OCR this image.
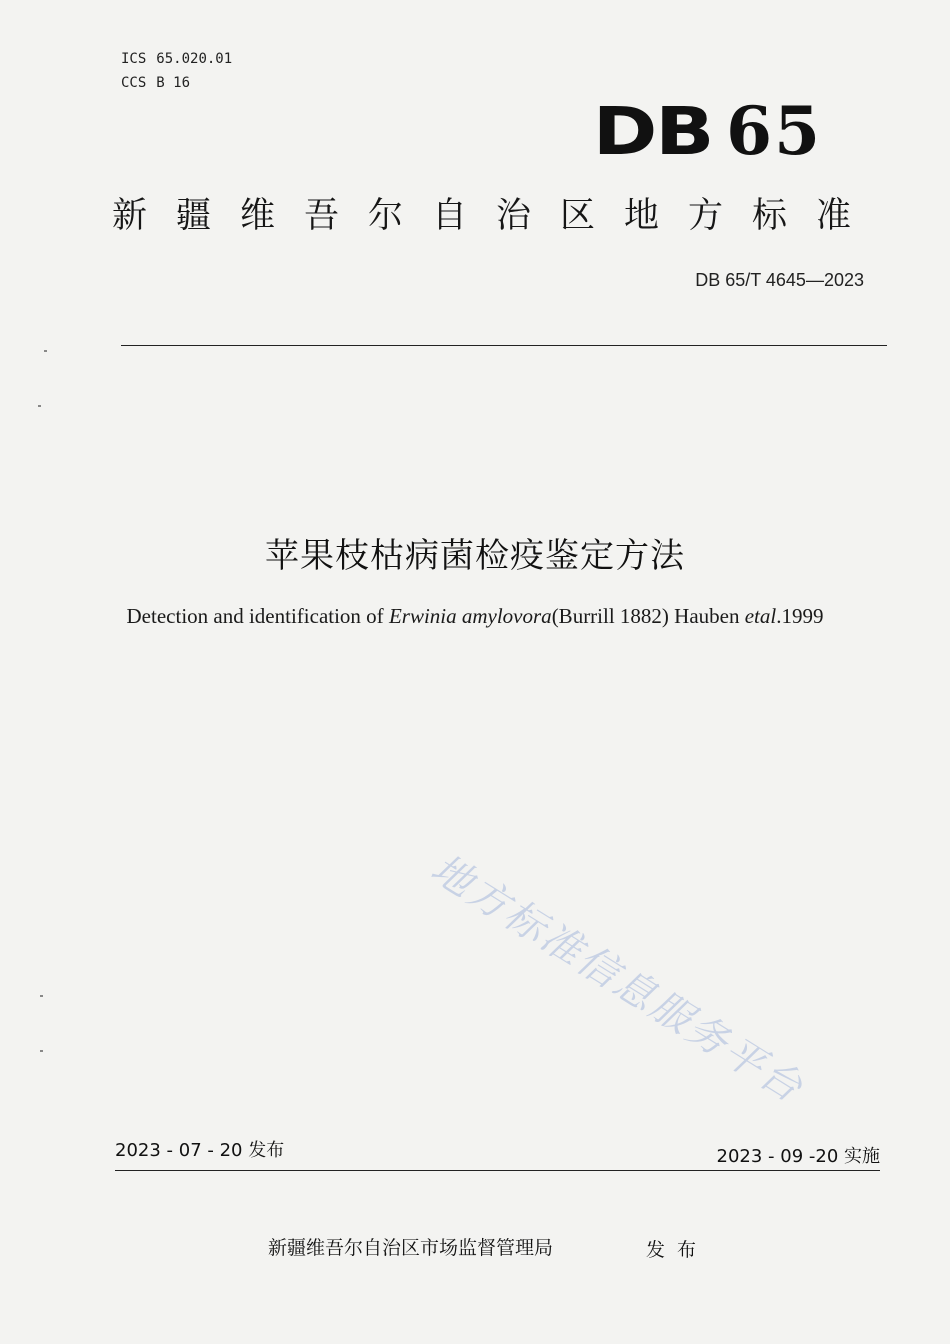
ICS 65.020.01
CCS B 16
DB 65
新疆维吾尔自治区地方标准
DB 65/T 4645—2023
苹果枝枯病菌检疫鉴定方法
Detection and identification of Erwinia amylovora(Burrill 1882) Hauben etal.1999
地方标准信息服务平台
2023 - 07 - 20 发布	2023 - 09 -20 实施
新疆维吾尔自治区市场监督管理局	发布
